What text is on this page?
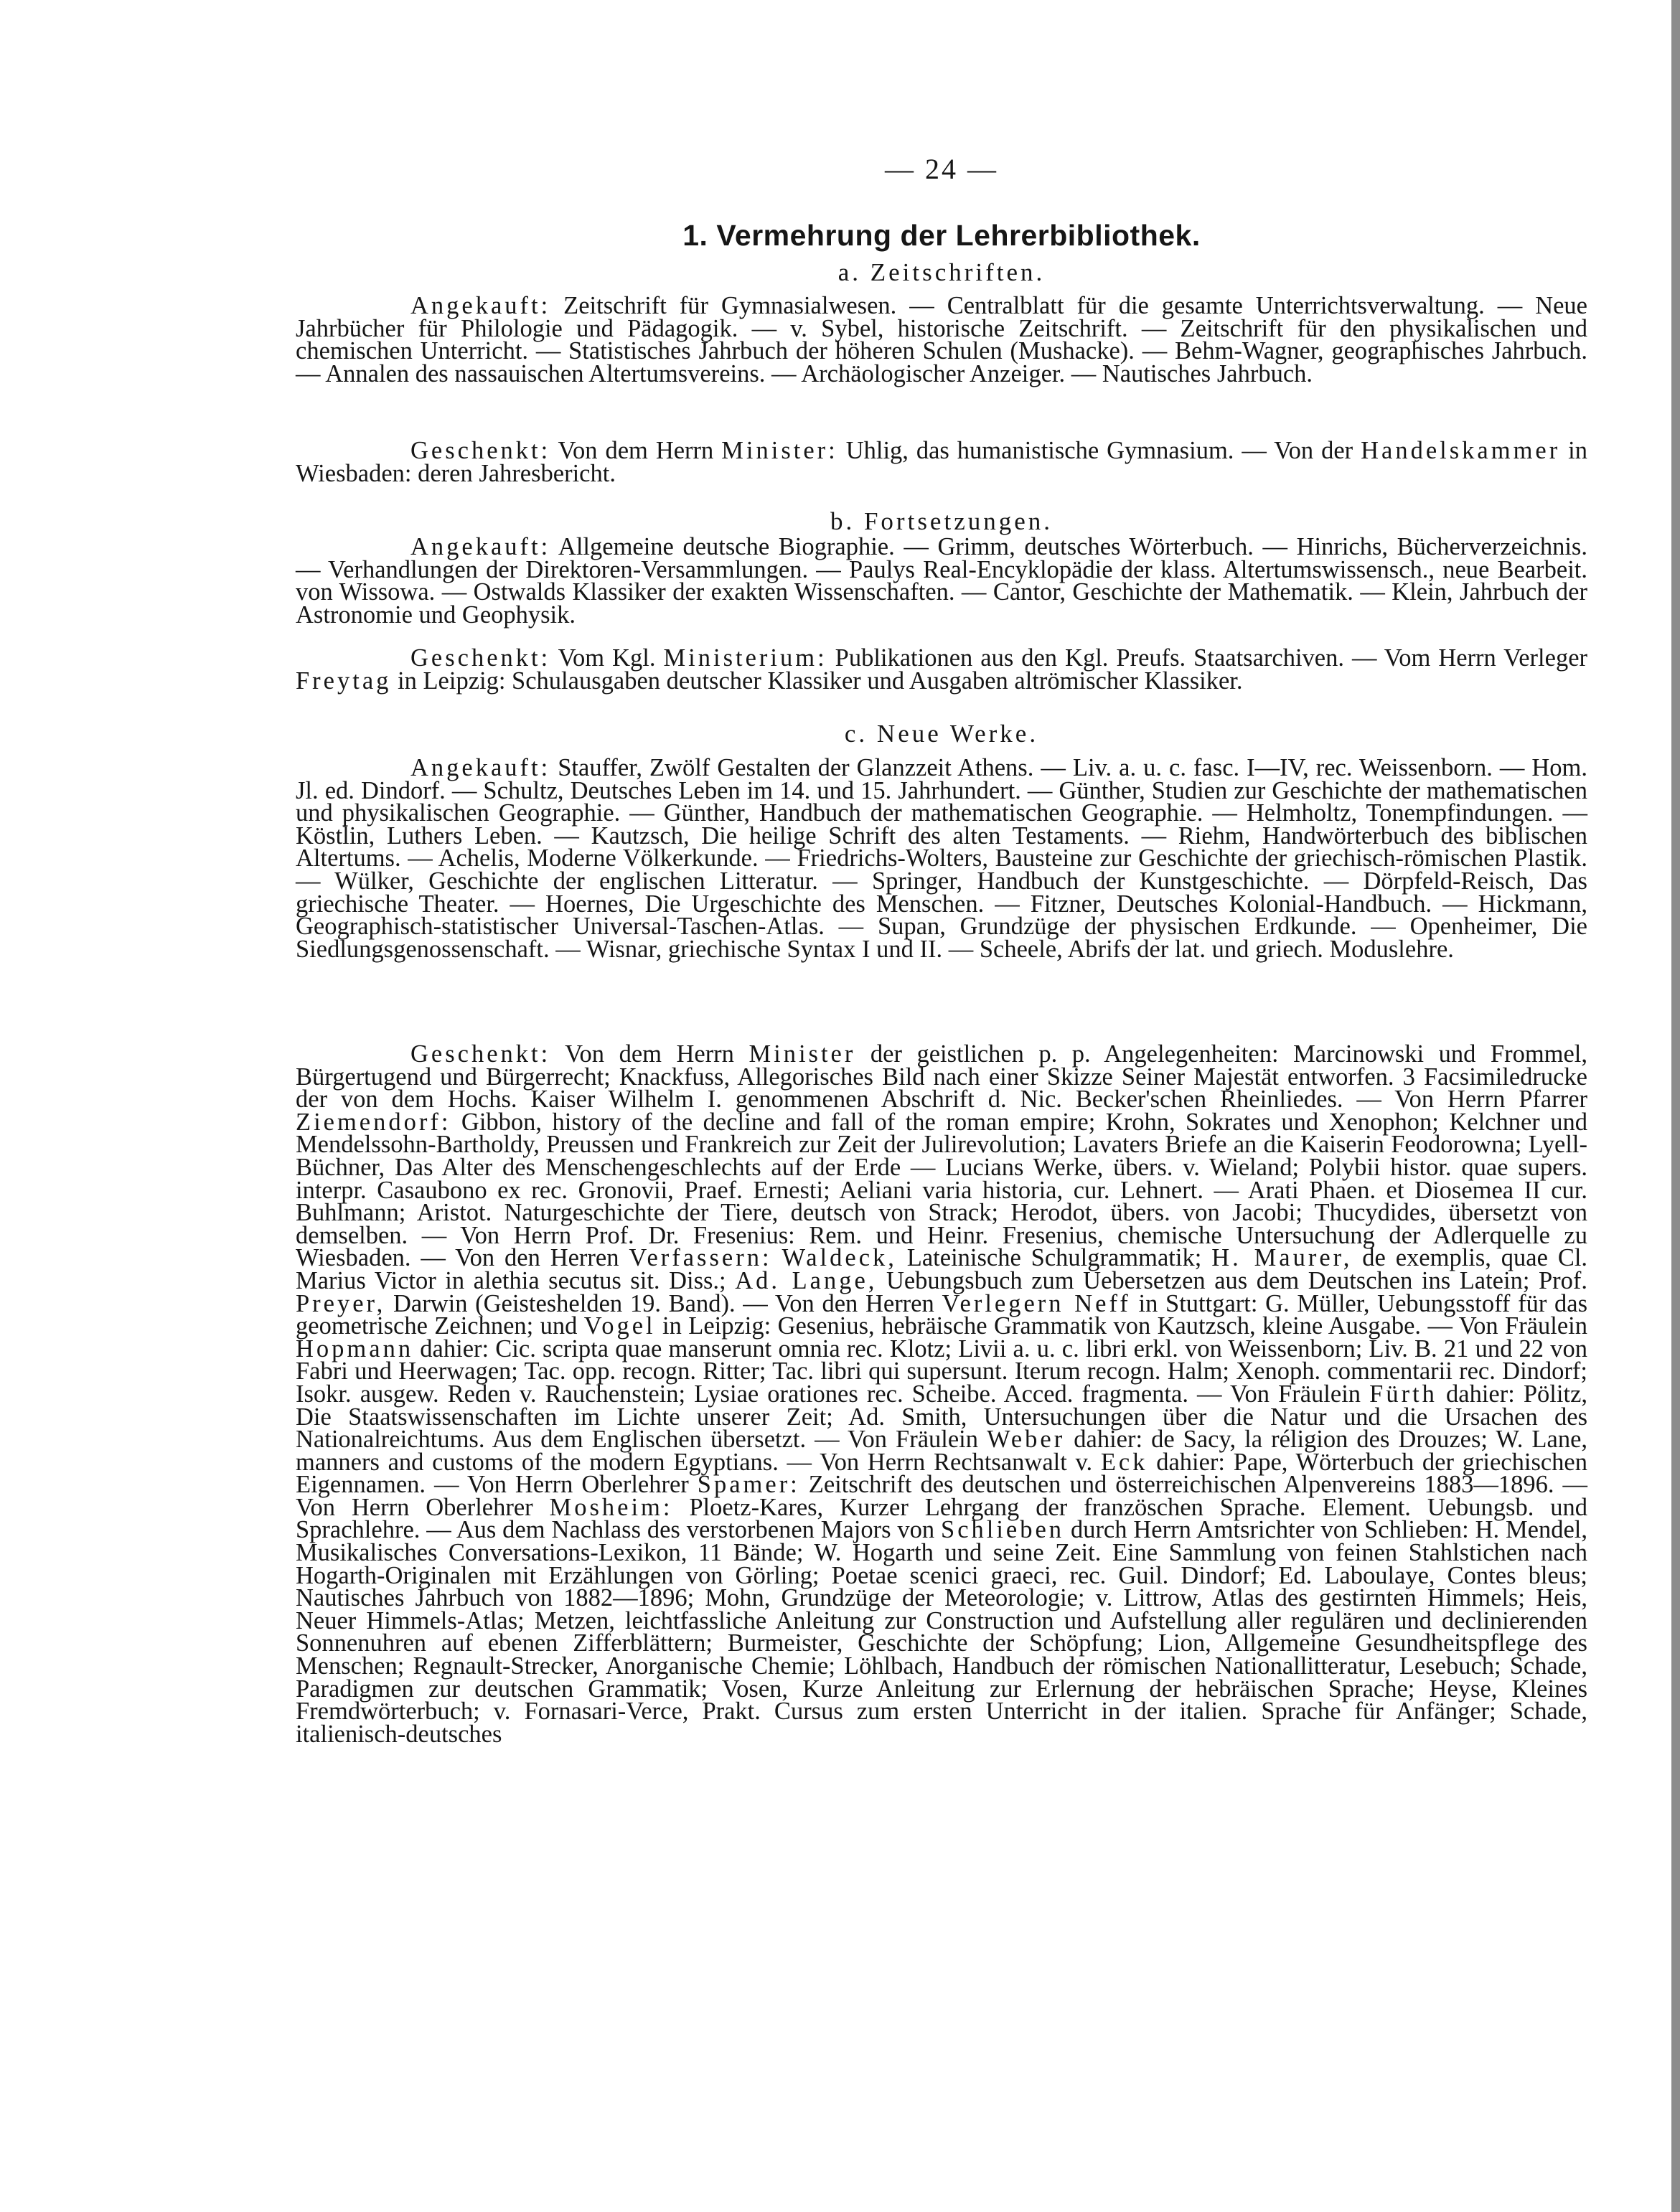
— 24 —
1. Vermehrung der Lehrerbibliothek.
a. Zeitschriften.
Angekauft: Zeitschrift für Gymnasialwesen. — Centralblatt für die gesamte Unterrichtsverwaltung. — Neue Jahrbücher für Philologie und Pädagogik. — v. Sybel, historische Zeitschrift. — Zeitschrift für den physikalischen und chemischen Unterricht. — Statistisches Jahrbuch der höheren Schulen (Mushacke). — Behm-Wagner, geographisches Jahrbuch. — Annalen des nassauischen Altertumsvereins. — Archäologischer Anzeiger. — Nautisches Jahrbuch.
Geschenkt: Von dem Herrn Minister: Uhlig, das humanistische Gymnasium. — Von der Handelskammer in Wiesbaden: deren Jahresbericht.
b. Fortsetzungen.
Angekauft: Allgemeine deutsche Biographie. — Grimm, deutsches Wörterbuch. — Hinrichs, Bücherverzeichnis. — Verhandlungen der Direktoren-Versammlungen. — Paulys Real-Encyklopädie der klass. Altertumswissensch., neue Bearbeit. von Wissowa. — Ostwalds Klassiker der exakten Wissenschaften. — Cantor, Geschichte der Mathematik. — Klein, Jahrbuch der Astronomie und Geophysik.
Geschenkt: Vom Kgl. Ministerium: Publikationen aus den Kgl. Preufs. Staatsarchiven. — Vom Herrn Verleger Freytag in Leipzig: Schulausgaben deutscher Klassiker und Ausgaben altrömischer Klassiker.
c. Neue Werke.
Angekauft: Stauffer, Zwölf Gestalten der Glanzzeit Athens. — Liv. a. u. c. fasc. I—IV, rec. Weissenborn. — Hom. Jl. ed. Dindorf. — Schultz, Deutsches Leben im 14. und 15. Jahrhundert. — Günther, Studien zur Geschichte der mathematischen und physikalischen Geographie. — Günther, Handbuch der mathematischen Geographie. — Helmholtz, Tonempfindungen. — Köstlin, Luthers Leben. — Kautzsch, Die heilige Schrift des alten Testaments. — Riehm, Handwörterbuch des biblischen Altertums. — Achelis, Moderne Völkerkunde. — Friedrichs-Wolters, Bausteine zur Geschichte der griechisch-römischen Plastik. — Wülker, Geschichte der englischen Litteratur. — Springer, Handbuch der Kunstgeschichte. — Dörpfeld-Reisch, Das griechische Theater. — Hoernes, Die Urgeschichte des Menschen. — Fitzner, Deutsches Kolonial-Handbuch. — Hickmann, Geographisch-statistischer Universal-Taschen-Atlas. — Supan, Grundzüge der physischen Erdkunde. — Openheimer, Die Siedlungsgenossenschaft. — Wisnar, griechische Syntax I und II. — Scheele, Abrifs der lat. und griech. Moduslehre.
Geschenkt: Von dem Herrn Minister der geistlichen p. p. Angelegenheiten: Marcinowski und Frommel, Bürgertugend und Bürgerrecht; Knackfuss, Allegorisches Bild nach einer Skizze Seiner Majestät entworfen. 3 Facsimiledrucke der von dem Hochs. Kaiser Wilhelm I. genommenen Abschrift d. Nic. Becker'schen Rheinliedes. — Von Herrn Pfarrer Ziemendorf: Gibbon, history of the decline and fall of the roman empire; Krohn, Sokrates und Xenophon; Kelchner und Mendelssohn-Bartholdy, Preussen und Frankreich zur Zeit der Julirevolution; Lavaters Briefe an die Kaiserin Feodorowna; Lyell-Büchner, Das Alter des Menschengeschlechts auf der Erde — Lucians Werke, übers. v. Wieland; Polybii histor. quae supers. interpr. Casaubono ex rec. Gronovii, Praef. Ernesti; Aeliani varia historia, cur. Lehnert. — Arati Phaen. et Diosemea II cur. Buhlmann; Aristot. Naturgeschichte der Tiere, deutsch von Strack; Herodot, übers. von Jacobi; Thucydides, übersetzt von demselben. — Von Herrn Prof. Dr. Fresenius: Rem. und Heinr. Fresenius, chemische Untersuchung der Adlerquelle zu Wiesbaden. — Von den Herren Verfassern: Waldeck, Lateinische Schulgrammatik; H. Maurer, de exemplis, quae Cl. Marius Victor in alethia secutus sit. Diss.; Ad. Lange, Uebungsbuch zum Uebersetzen aus dem Deutschen ins Latein; Prof. Preyer, Darwin (Geisteshelden 19. Band). — Von den Herren Verlegern Neff in Stuttgart: G. Müller, Uebungsstoff für das geometrische Zeichnen; und Vogel in Leipzig: Gesenius, hebräische Grammatik von Kautzsch, kleine Ausgabe. — Von Fräulein Hopmann dahier: Cic. scripta quae manserunt omnia rec. Klotz; Livii a. u. c. libri erkl. von Weissenborn; Liv. B. 21 und 22 von Fabri und Heerwagen; Tac. opp. recogn. Ritter; Tac. libri qui supersunt. Iterum recogn. Halm; Xenoph. commentarii rec. Dindorf; Isokr. ausgew. Reden v. Rauchenstein; Lysiae orationes rec. Scheibe. Acced. fragmenta. — Von Fräulein Fürth dahier: Pölitz, Die Staatswissenschaften im Lichte unserer Zeit; Ad. Smith, Untersuchungen über die Natur und die Ursachen des Nationalreichtums. Aus dem Englischen übersetzt. — Von Fräulein Weber dahier: de Sacy, la réligion des Drouzes; W. Lane, manners and customs of the modern Egyptians. — Von Herrn Rechtsanwalt v. Eck dahier: Pape, Wörterbuch der griechischen Eigennamen. — Von Herrn Oberlehrer Spamer: Zeitschrift des deutschen und österreichischen Alpenvereins 1883—1896. — Von Herrn Oberlehrer Mosheim: Ploetz-Kares, Kurzer Lehrgang der französchen Sprache. Element. Uebungsb. und Sprachlehre. — Aus dem Nachlass des verstorbenen Majors von Schlieben durch Herrn Amtsrichter von Schlieben: H. Mendel, Musikalisches Conversations-Lexikon, 11 Bände; W. Hogarth und seine Zeit. Eine Sammlung von feinen Stahlstichen nach Hogarth-Originalen mit Erzählungen von Görling; Poetae scenici graeci, rec. Guil. Dindorf; Ed. Laboulaye, Contes bleus; Nautisches Jahrbuch von 1882—1896; Mohn, Grundzüge der Meteorologie; v. Littrow, Atlas des gestirnten Himmels; Heis, Neuer Himmels-Atlas; Metzen, leichtfassliche Anleitung zur Construction und Aufstellung aller regulären und declinierenden Sonnenuhren auf ebenen Zifferblättern; Burmeister, Geschichte der Schöpfung; Lion, Allgemeine Gesundheitspflege des Menschen; Regnault-Strecker, Anorganische Chemie; Löhlbach, Handbuch der römischen Nationallitteratur, Lesebuch; Schade, Paradigmen zur deutschen Grammatik; Vosen, Kurze Anleitung zur Erlernung der hebräischen Sprache; Heyse, Kleines Fremdwörterbuch; v. Fornasari-Verce, Prakt. Cursus zum ersten Unterricht in der italien. Sprache für Anfänger; Schade, italienisch-deutsches
